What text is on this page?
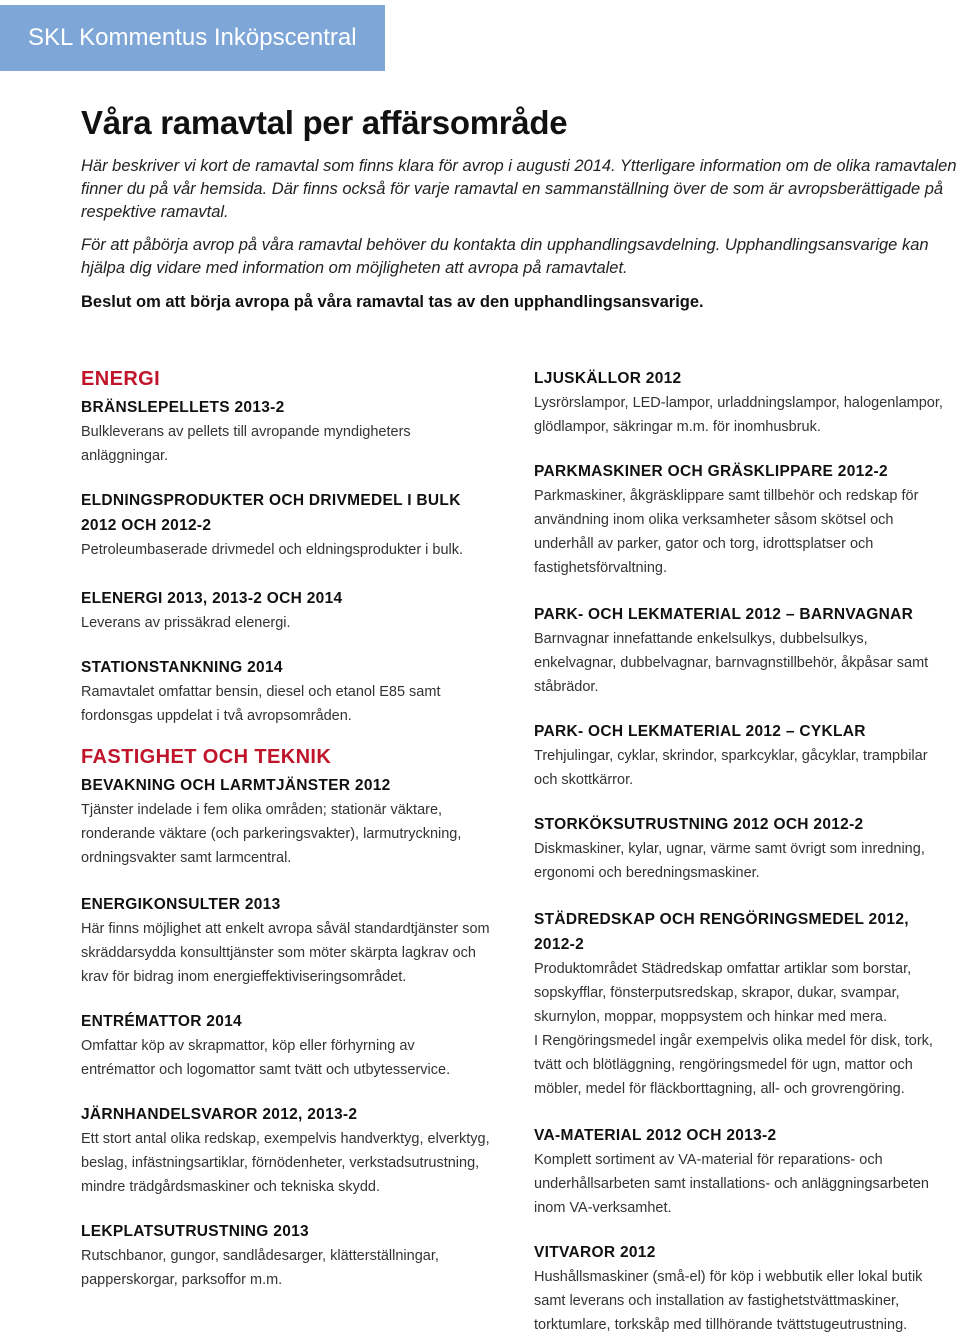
SKL Kommentus Inköpscentral
Våra ramavtal per affärsområde

Här beskriver vi kort de ramavtal som finns klara för avrop i augusti 2014. Ytterligare information om de olika ramavtalen finner du på vår hemsida. Där finns också för varje ramavtal en sammanställning över de som är avropsberättigade på respektive ramavtal.

För att påbörja avrop på våra ramavtal behöver du kontakta din upphandlingsavdelning. Upphandlingsansvarige kan hjälpa dig vidare med information om möjligheten att avropa på ramavtalet.

Beslut om att börja avropa på våra ramavtal tas av den upphandlingsansvarige.

ENERGI
BRÄNSLEPELLETS 2013-2

Bulkleverans av pellets till avropande myndigheters anläggningar.

ELDNINGSPRODUKTER OCH DRIVMEDEL I BULK 2012 OCH 2012-2

Petroleumbaserade drivmedel och eldningsprodukter i bulk.

ELENERGI 2013, 2013-2 OCH 2014

Leverans av prissäkrad elenergi.

STATIONSTANKNING 2014

Ramavtalet omfattar bensin, diesel och etanol E85 samt fordonsgas uppdelat i två avropsområden.

FASTIGHET OCH TEKNIK
BEVAKNING OCH LARMTJÄNSTER 2012

Tjänster indelade i fem olika områden; stationär väktare, ronderande väktare (och parkeringsvakter), larmutryckning, ordningsvakter samt larmcentral.

ENERGIKONSULTER 2013

Här finns möjlighet att enkelt avropa såväl standardtjänster som skräddarsydda konsulttjänster som möter skärpta lagkrav och krav för bidrag inom energieffektiviseringsområdet.

ENTRÉMATTOR 2014

Omfattar köp av skrapmattor, köp eller förhyrning av entrémattor och logomattor samt tvätt och utbytesservice.

JÄRNHANDELSVAROR 2012, 2013-2

Ett stort antal olika redskap, exempelvis handverktyg, elverktyg, beslag, infästningsartiklar, förnödenheter, verkstadsutrustning, mindre trädgårdsmaskiner och tekniska skydd.

LEKPLATSUTRUSTNING 2013

Rutschbanor, gungor, sandlådesarger, klätterställningar, papperskorgar, parksoffor m.m.

LJUSKÄLLOR 2012

Lysrörslampor, LED-lampor, urladdningslampor, halogenlampor, glödlampor, säkringar m.m. för inomhusbruk.

PARKMASKINER OCH GRÄSKLIPPARE 2012-2

Parkmaskiner, åkgräsklippare samt tillbehör och redskap för användning inom olika verksamheter såsom skötsel och underhåll av parker, gator och torg, idrottsplatser och fastighetsförvaltning.

PARK- OCH LEKMATERIAL 2012 – BARNVAGNAR

Barnvagnar innefattande enkelsulkys, dubbelsulkys, enkelvagnar, dubbelvagnar, barnvagnstillbehör, åkpåsar samt ståbrädor.

PARK- OCH LEKMATERIAL 2012 – CYKLAR

Trehjulingar, cyklar, skrindor, sparkcyklar, gåcyklar, trampbilar och skottkärror.

STORKÖKSUTRUSTNING 2012 OCH 2012-2

Diskmaskiner, kylar, ugnar, värme samt övrigt som inredning, ergonomi och beredningsmaskiner.

STÄDREDSKAP OCH RENGÖRINGSMEDEL 2012, 2012-2

Produktområdet Städredskap omfattar artiklar som borstar, sopskyfflar, fönsterputsredskap, skrapor, dukar, svampar, skurnylon, moppar, moppsystem och hinkar med mera.

I Rengöringsmedel ingår exempelvis olika medel för disk, tork, tvätt och blötläggning, rengöringsmedel för ugn, mattor och möbler, medel för fläckborttagning, all- och grovrengöring.

VA-MATERIAL 2012 OCH 2013-2

Komplett sortiment av VA-material för reparations- och underhållsarbeten samt installations- och anläggningsarbeten inom VA-verksamhet.

VITVAROR 2012

Hushållsmaskiner (små-el) för köp i webbutik eller lokal butik samt leverans och installation av fastighetstvättmaskiner, torktumlare, torkskåp med tillhörande tvättstugeutrustning.
